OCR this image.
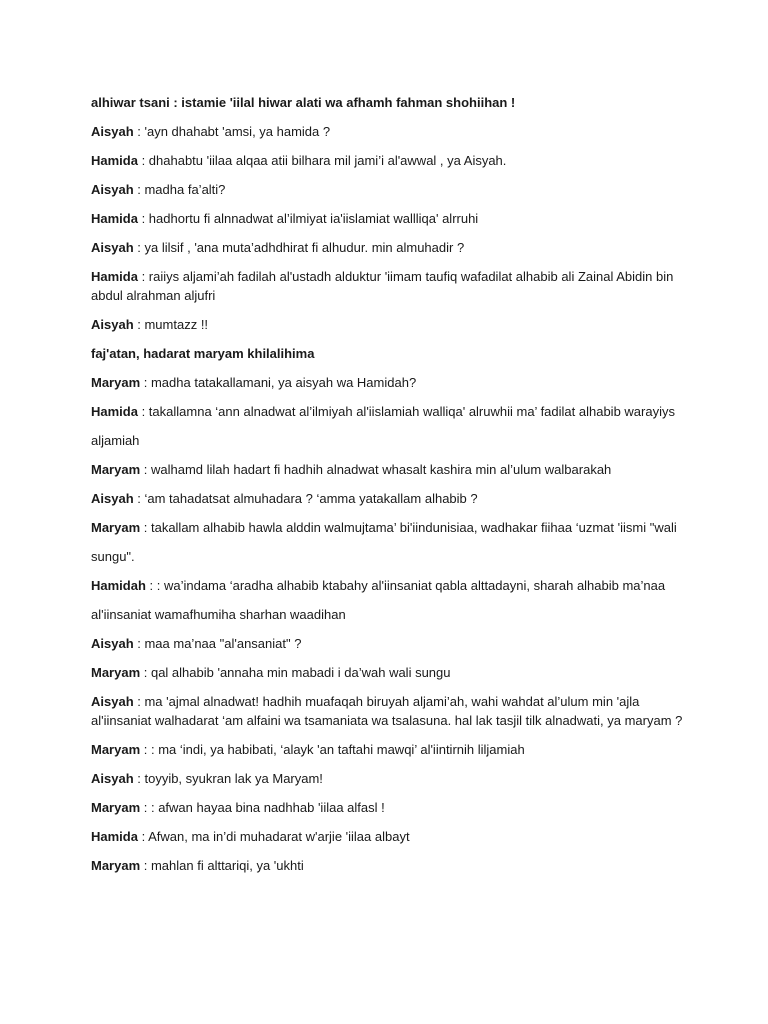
alhiwar tsani : istamie 'iilal hiwar alati wa afhamh fahman shohiihan !
Aisyah : 'ayn dhahabt 'amsi, ya hamida ?
Hamida : dhahabtu 'iilaa alqaa atii bilhara mil jami’i al'awwal , ya Aisyah.
Aisyah : madha fa’alti?
Hamida : hadhortu fi alnnadwat al’ilmiyat ia'iislamiat wallliqa' alrruhi
Aisyah : ya lilsif , 'ana muta’adhdhirat fi alhudur. min almuhadir ?
Hamida : raiiys aljami’ah fadilah al'ustadh alduktur 'iimam taufiq wafadilat alhabib ali Zainal Abidin bin
abdul alrahman aljufri
Aisyah : mumtazz !!
faj'atan, hadarat maryam khilalihima
Maryam : madha tatakallamani, ya aisyah wa Hamidah?
Hamida : takallamna ‘ann alnadwat al’ilmiyah al'iislamiah walliqa' alruwhii ma’ fadilat alhabib warayiys
aljamiah
Maryam : walhamd lilah hadart fi hadhih alnadwat whasalt kashira min al’ulum walbarakah
Aisyah : ‘am tahadatsat almuhadara ? ‘amma yatakallam alhabib ?
Maryam : takallam alhabib hawla alddin walmujtama’ bi'iindunisiaa, wadhakar fiihaa ‘uzmat 'iismi "wali
sungu".
Hamidah : : wa’indama ‘aradha alhabib ktabahy al'iinsaniat qabla alttadayni, sharah alhabib ma’naa
al'iinsaniat wamafhumiha sharhan waadihan
Aisyah : maa ma’naa "al'ansaniat" ?
Maryam : qal alhabib 'annaha min mabadi i da’wah wali sungu
Aisyah : ma 'ajmal alnadwat! hadhih muafaqah biruyah aljami’ah, wahi wahdat al’ulum min 'ajla
al'iinsaniat walhadarat ‘am alfaini wa tsamaniata wa tsalasuna. hal lak tasjil tilk alnadwati, ya maryam ?
Maryam : : ma ‘indi, ya habibati, ‘alayk 'an taftahi mawqi’ al'iintirnih liljamiah
Aisyah : toyyib, syukran lak ya Maryam!
Maryam : : afwan hayaa bina nadhhab 'iilaa alfasl !
Hamida : Afwan, ma in’di muhadarat w'arjie 'iilaa albayt
Maryam : mahlan fi alttariqi, ya 'ukhti
